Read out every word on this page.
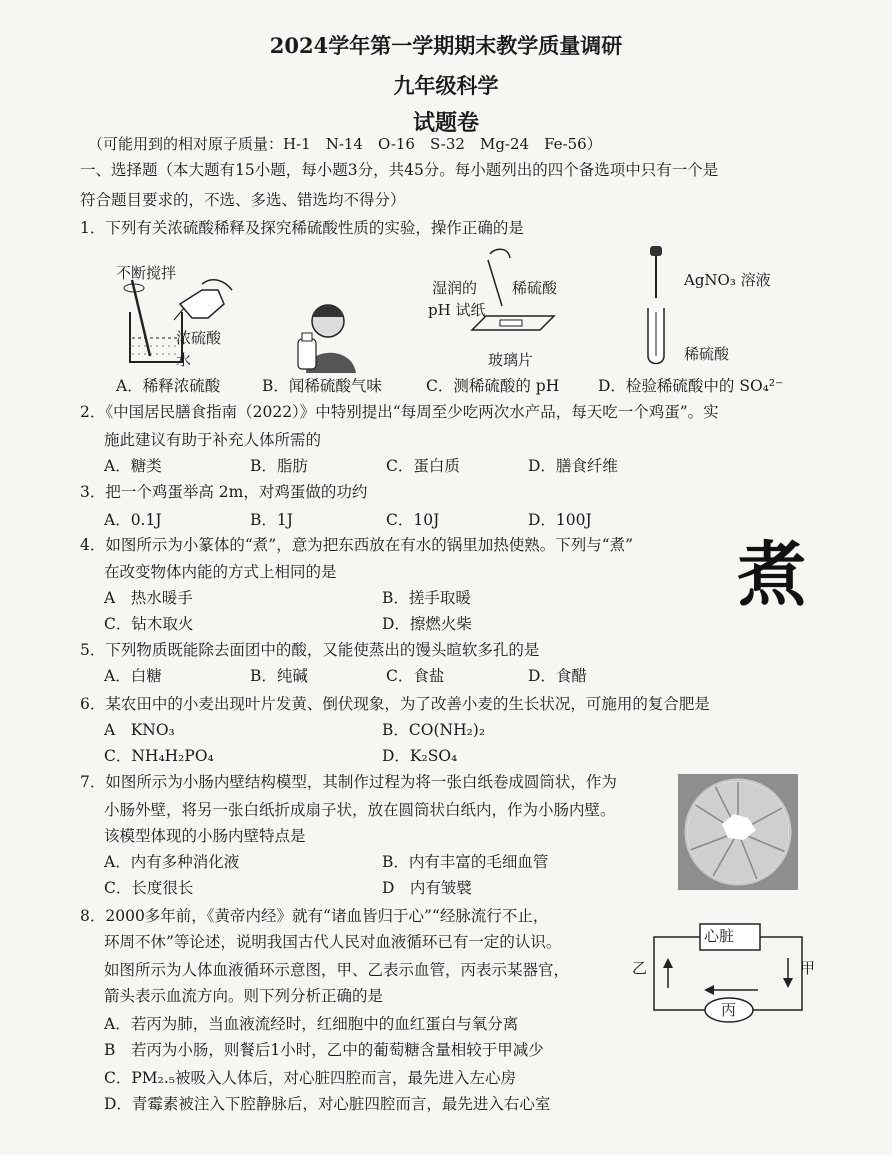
2024学年第一学期期末教学质量调研
九年级科学
试题卷
（可能用到的相对原子质量：H-1　N-14　O-16　S-32　Mg-24　Fe-56）
一、选择题（本大题有15小题，每小题3分，共45分。每小题列出的四个备选项中只有一个是
符合题目要求的，不选、多选、错选均不得分）
1．下列有关浓硫酸稀释及探究稀硫酸性质的实验，操作正确的是
不断搅拌
浓硫酸
水
湿润的
pH 试纸
稀硫酸
玻璃片
AgNO₃ 溶液
稀硫酸
A．稀释浓硫酸	B．闻稀硫酸气味	C．测稀硫酸的 pH	D．检验稀硫酸中的 SO₄²⁻
2．《中国居民膳食指南（2022）》中特别提出“每周至少吃两次水产品，每天吃一个鸡蛋”。实
施此建议有助于补充人体所需的
A．糖类	B．脂肪	C．蛋白质	D．膳食纤维
3．把一个鸡蛋举高 2m，对鸡蛋做的功约
A．0.1J	B．1J	C．10J	D．100J
4．如图所示为小篆体的“煮”，意为把东西放在有水的锅里加热使熟。下列与“煮”
在改变物体内能的方式上相同的是	煮
A　热水暖手	B．搓手取暖
C．钻木取火	D．擦燃火柴
5．下列物质既能除去面团中的酸，又能使蒸出的馒头暄软多孔的是
A．白糖	B．纯碱	C．食盐	D．食醋
6．某农田中的小麦出现叶片发黄、倒伏现象，为了改善小麦的生长状况，可施用的复合肥是
A　KNO₃	B．CO(NH₂)₂
C．NH₄H₂PO₄	D．K₂SO₄
7．如图所示为小肠内壁结构模型，其制作过程为将一张白纸卷成圆筒状，作为
小肠外壁，将另一张白纸折成扇子状，放在圆筒状白纸内，作为小肠内壁。
该模型体现的小肠内壁特点是
A．内有多种消化液	B．内有丰富的毛细血管
C．长度很长	D　内有皱襞
8．2000多年前，《黄帝内经》就有“诸血皆归于心”“经脉流行不止，
环周不休”等论述，说明我国古代人民对血液循环已有一定的认识。
如图所示为人体血液循环示意图，甲、乙表示血管，丙表示某器官，
箭头表示血流方向。则下列分析正确的是
心脏
乙	甲
丙
A．若丙为肺，当血液流经时，红细胞中的血红蛋白与氧分离
B　若丙为小肠，则餐后1小时，乙中的葡萄糖含量相较于甲减少
C．PM₂.₅被吸入人体后，对心脏四腔而言，最先进入左心房
D．青霉素被注入下腔静脉后，对心脏四腔而言，最先进入右心室
